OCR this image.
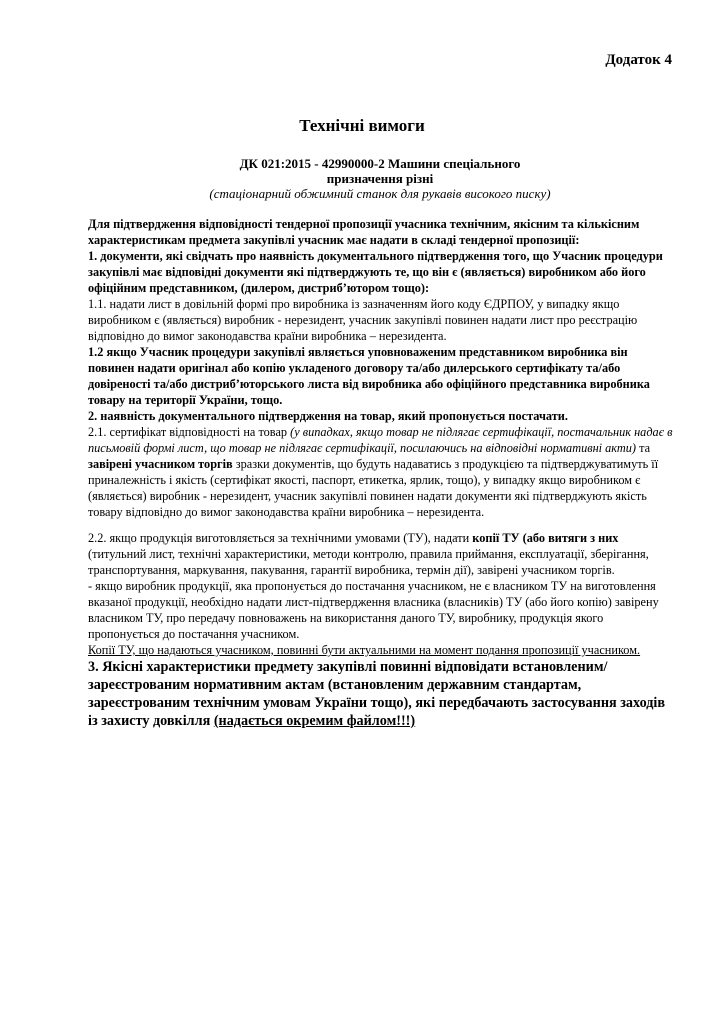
Додаток 4
Технічні вимоги
ДК 021:2015 - 42990000-2 Машини спеціального
призначення різні
(стаціонарний обжимний станок для рукавів високого писку)

Для підтвердження відповідності тендерної пропозиції учасника технічним, якісним та кількісним характеристикам предмета закупівлі учасник має надати в складі тендерної пропозиції:

1. документи, які свідчать про наявність документального підтвердження того, що Учасник процедури закупівлі має відповідні документи які підтверджують те, що він є (являється) виробником або його офіційним представником, (дилером, дистриб’ютором тощо):

1.1. надати лист в довільній формі про виробника із зазначенням його коду ЄДРПОУ, у випадку якщо виробником є (являється) виробник - нерезидент, учасник закупівлі повинен надати лист про реєстрацію відповідно до вимог законодавства країни виробника – нерезидента.

1.2 якщо Учасник процедури закупівлі являється уповноваженим представником виробника він повинен надати оригінал або копію укладеного договору та/або дилерського сертифікату та/або довіреності та/або дистриб’юторського листа від виробника або офіційного представника виробника товару на території України, тощо.

2. наявність документального підтвердження на товар, який пропонується постачати.

2.1. сертифікат відповідності на товар (у випадках, якщо товар не підлягає сертифікації, постачальник надає в письмовій формі лист, що товар не підлягає сертифікації, посилаючись на відповідні нормативні акти) та завірені учасником торгів зразки документів, що будуть надаватись з продукцією та підтверджуватимуть її приналежність і якість (сертифікат якості, паспорт, етикетка, ярлик, тощо), у випадку якщо виробником є (являється) виробник - нерезидент, учасник закупівлі повинен надати документи які підтверджують якість товару відповідно до вимог законодавства країни виробника – нерезидента.

2.2. якщо продукція виготовляється за технічними умовами (ТУ), надати копії ТУ (або витяги з них (титульний лист, технічні характеристики, методи контролю, правила приймання, експлуатації, зберігання, транспортування, маркування, пакування, гарантії виробника, термін дії), завірені учасником торгів.

- якщо виробник продукції, яка пропонується до постачання учасником, не є власником ТУ на виготовлення вказаної продукції, необхідно надати лист-підтвердження власника (власників) ТУ (або його копію) завірену власником ТУ, про передачу повноважень на використання даного ТУ, виробнику, продукція якого пропонується до постачання учасником.

Копії ТУ, що надаються учасником, повинні бути актуальними на момент подання пропозиції учасником.

3. Якісні характеристики предмету закупівлі повинні відповідати встановленим/зареєстрованим нормативним актам (встановленим державним стандартам, зареєстрованим технічним умовам України тощо), які передбачають застосування заходів із захисту довкілля (надається окремим файлом!!!)
